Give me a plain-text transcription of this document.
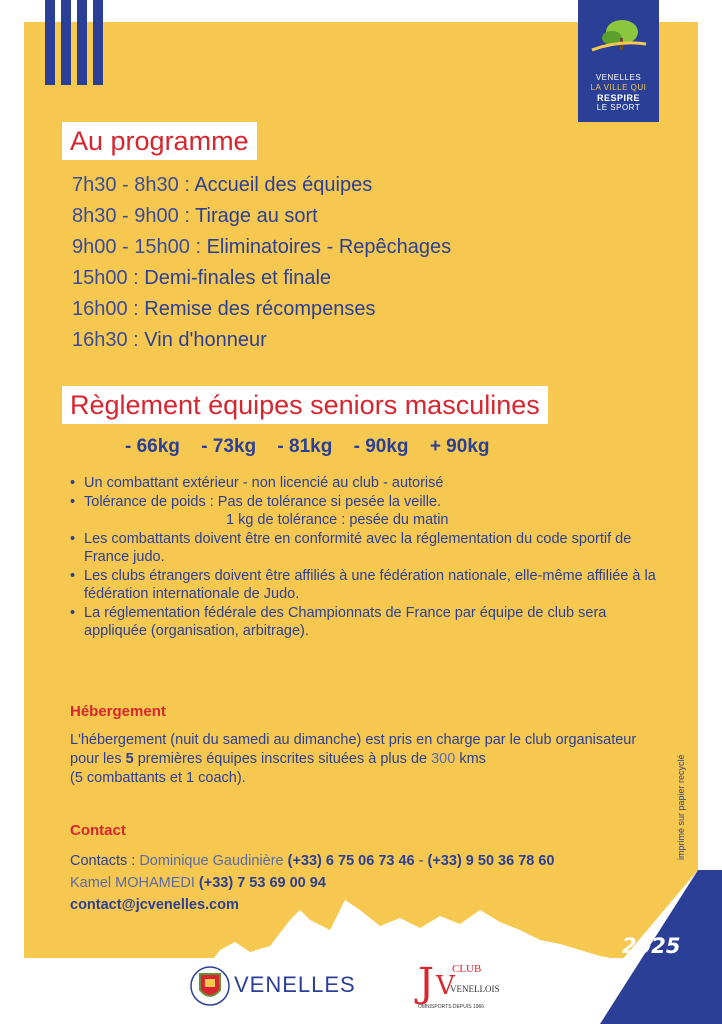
VENELLES
LA VILLE QUI
RESPIRE
LE SPORT
Au programme
7h30 - 8h30 : Accueil des équipes
8h30 - 9h00 : Tirage au sort
9h00 - 15h00 : Eliminatoires - Repêchages
15h00 : Demi-finales et finale
16h00 : Remise des récompenses
16h30 : Vin d'honneur
Règlement équipes seniors masculines
- 66kg - 73kg - 81kg - 90kg + 90kg
• Un combattant extérieur - non licencié au club - autorisé
• Tolérance de poids : Pas de tolérance si pesée la veille.
1 kg de tolérance : pesée du matin
• Les combattants doivent être en conformité avec la réglementation du code sportif de France judo.
• Les clubs étrangers doivent être affiliés à une fédération nationale, elle-même affiliée à la fédération internationale de Judo.
• La réglementation fédérale des Championnats de France par équipe de club sera appliquée (organisation, arbitrage).
Hébergement
L'hébergement (nuit du samedi au dimanche) est pris en charge par le club organisateur pour les 5 premières équipes inscrites situées à plus de 300 kms
(5 combattants et 1 coach).
Contact
Contacts : Dominique Gaudinière (+33) 6 75 06 73 46 - (+33) 9 50 36 78 60
Kamel MOHAMEDI (+33) 7 53 69 00 94
contact@jcvenelles.com
imprimé sur papier recyclé
2025
VENELLES J V
CLUB
VENELLOIS
OMNISPORTS DEPUIS 1966
